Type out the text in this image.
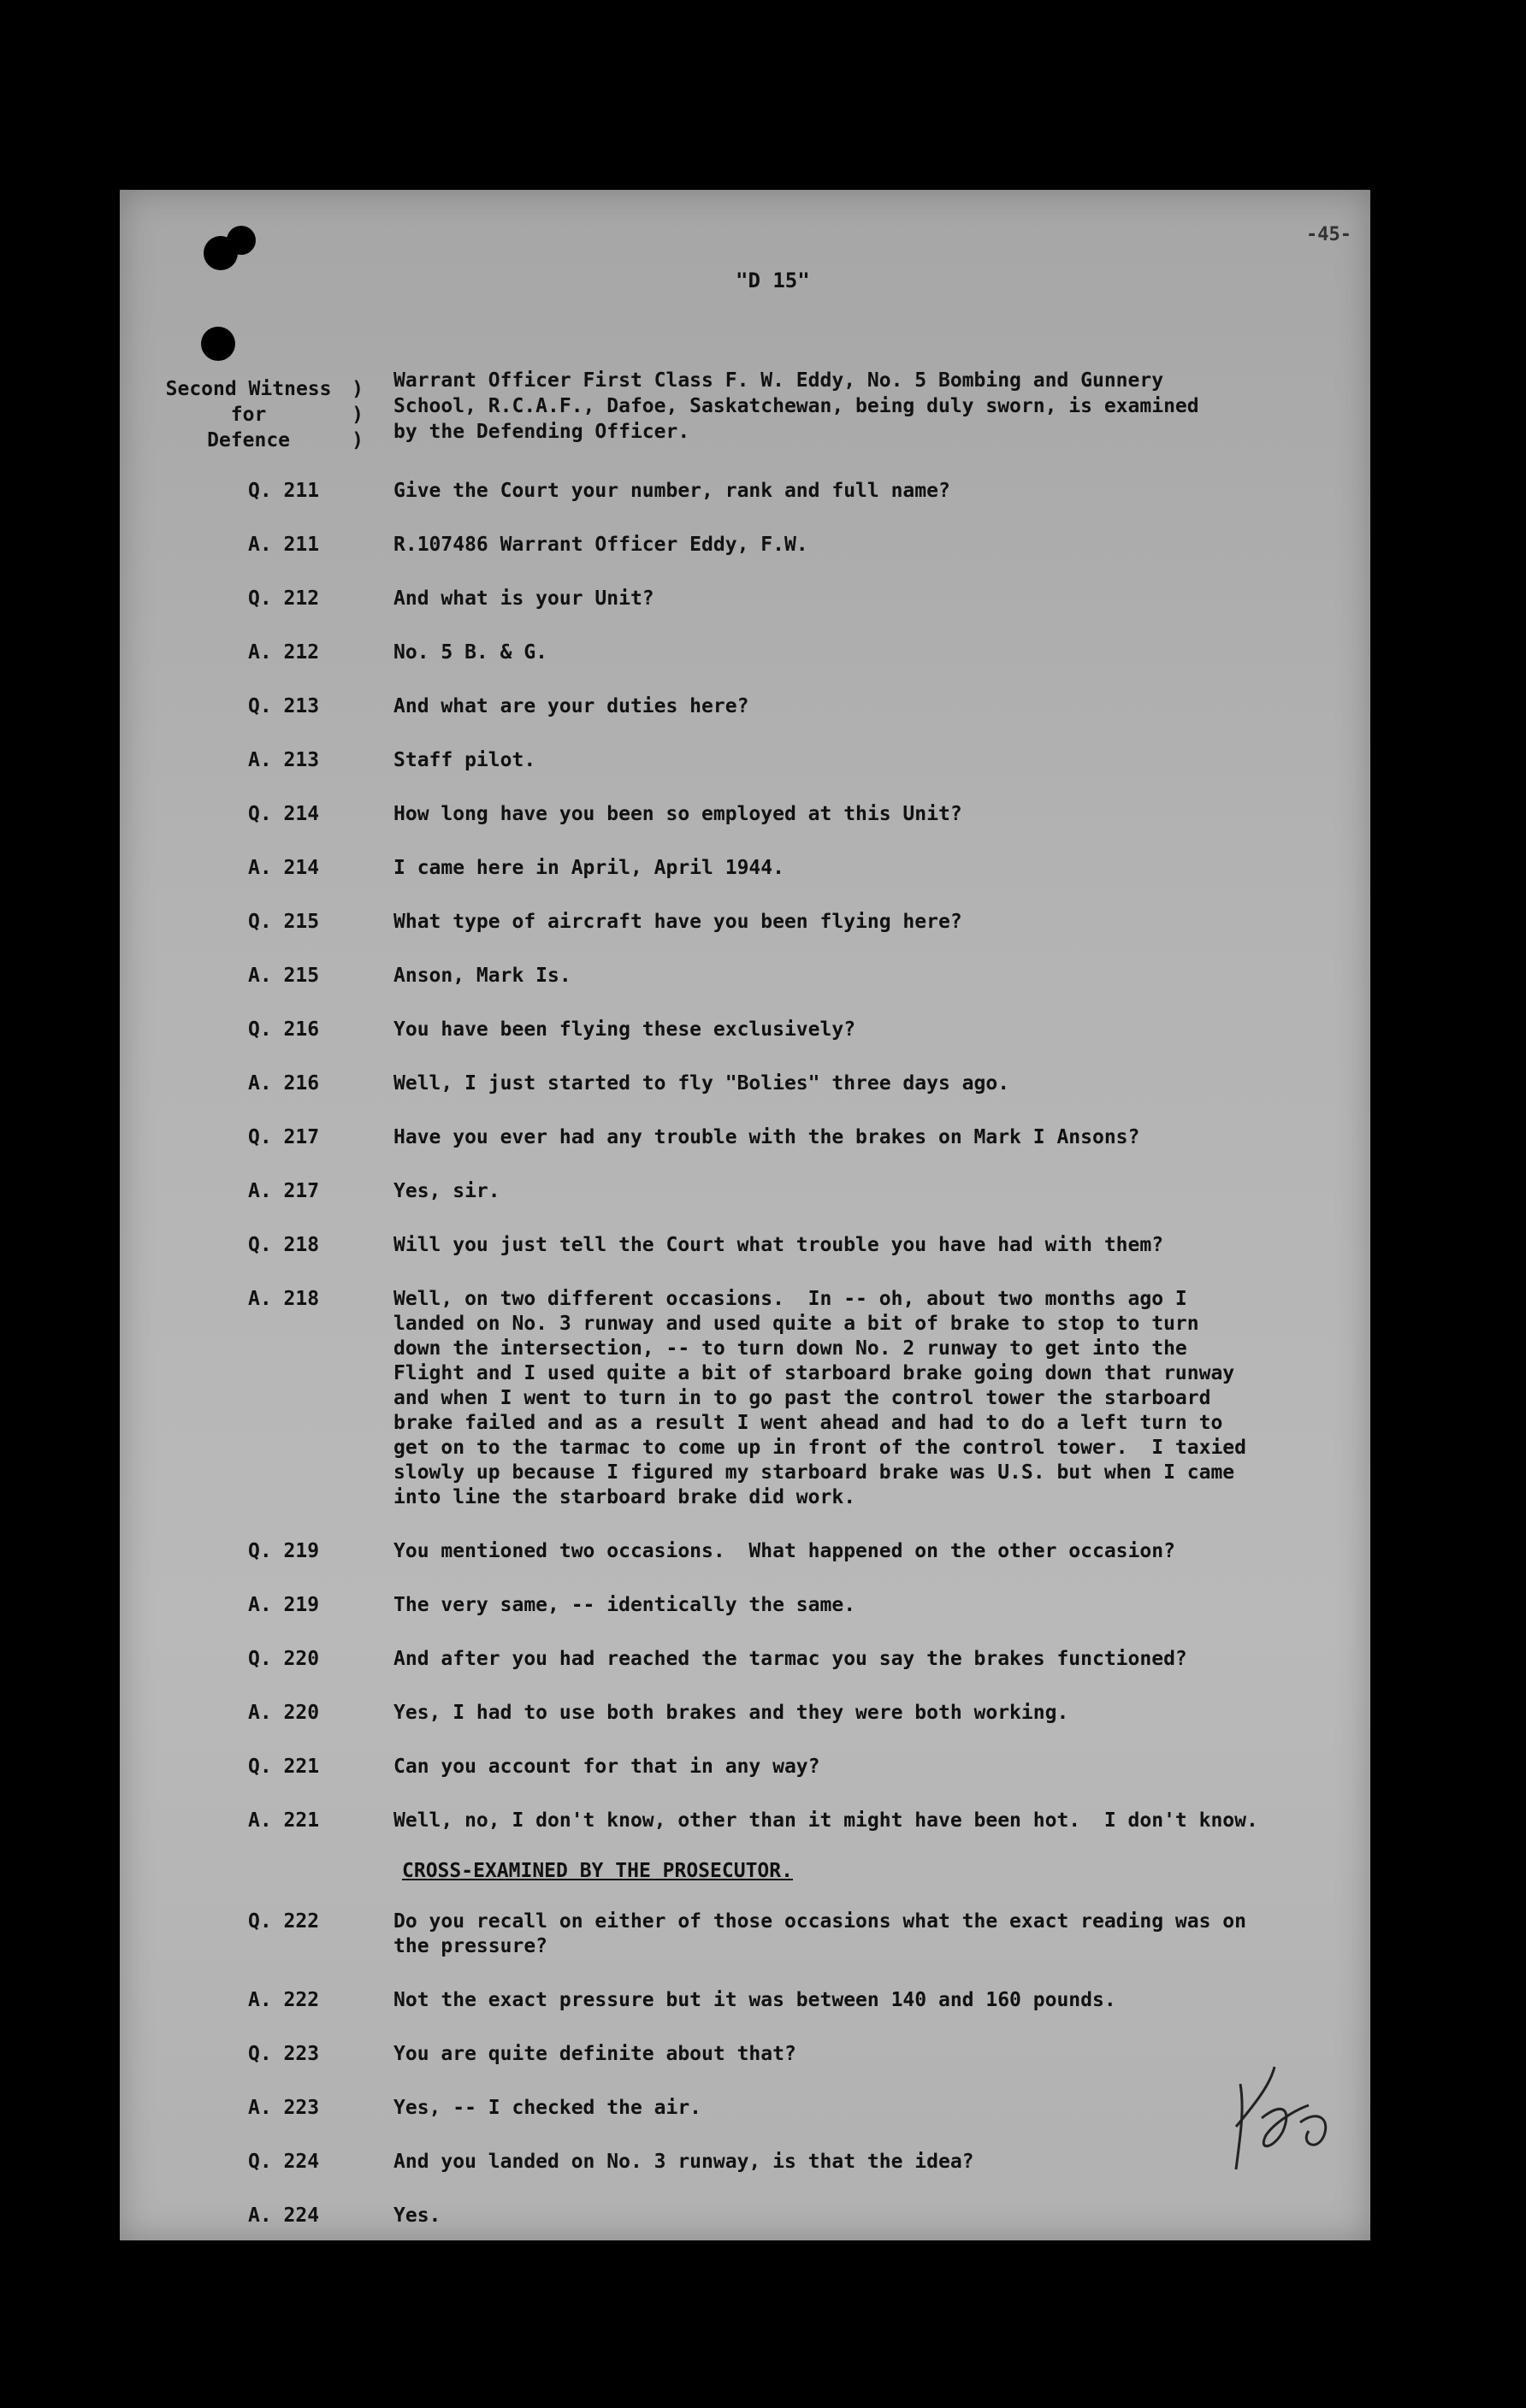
-45-
"D 15"
Second Witness	)
for	)
Defence	)
Warrant Officer First Class F. W. Eddy, No. 5 Bombing and Gunnery
School, R.C.A.F., Dafoe, Saskatchewan, being duly sworn, is examined
by the Defending Officer.
Q. 211	Give the Court your number, rank and full name?
A. 211	R.107486 Warrant Officer Eddy, F.W.
Q. 212	And what is your Unit?
A. 212	No. 5 B. & G.
Q. 213	And what are your duties here?
A. 213	Staff pilot.
Q. 214	How long have you been so employed at this Unit?
A. 214	I came here in April, April 1944.
Q. 215	What type of aircraft have you been flying here?
A. 215	Anson, Mark Is.
Q. 216	You have been flying these exclusively?
A. 216	Well, I just started to fly "Bolies" three days ago.
Q. 217	Have you ever had any trouble with the brakes on Mark I Ansons?
A. 217	Yes, sir.
Q. 218	Will you just tell the Court what trouble you have had with them?
A. 218	Well, on two different occasions.  In -- oh, about two months ago I
landed on No. 3 runway and used quite a bit of brake to stop to turn
down the intersection, -- to turn down No. 2 runway to get into the
Flight and I used quite a bit of starboard brake going down that runway
and when I went to turn in to go past the control tower the starboard
brake failed and as a result I went ahead and had to do a left turn to
get on to the tarmac to come up in front of the control tower.  I taxied
slowly up because I figured my starboard brake was U.S. but when I came
into line the starboard brake did work.
Q. 219	You mentioned two occasions.  What happened on the other occasion?
A. 219	The very same, -- identically the same.
Q. 220	And after you had reached the tarmac you say the brakes functioned?
A. 220	Yes, I had to use both brakes and they were both working.
Q. 221	Can you account for that in any way?
A. 221	Well, no, I don't know, other than it might have been hot.  I don't know.
CROSS-EXAMINED BY THE PROSECUTOR.
Q. 222	Do you recall on either of those occasions what the exact reading was on
the pressure?
A. 222	Not the exact pressure but it was between 140 and 160 pounds.
Q. 223	You are quite definite about that?
A. 223	Yes, -- I checked the air.
Q. 224	And you landed on No. 3 runway, is that the idea?
A. 224	Yes.
